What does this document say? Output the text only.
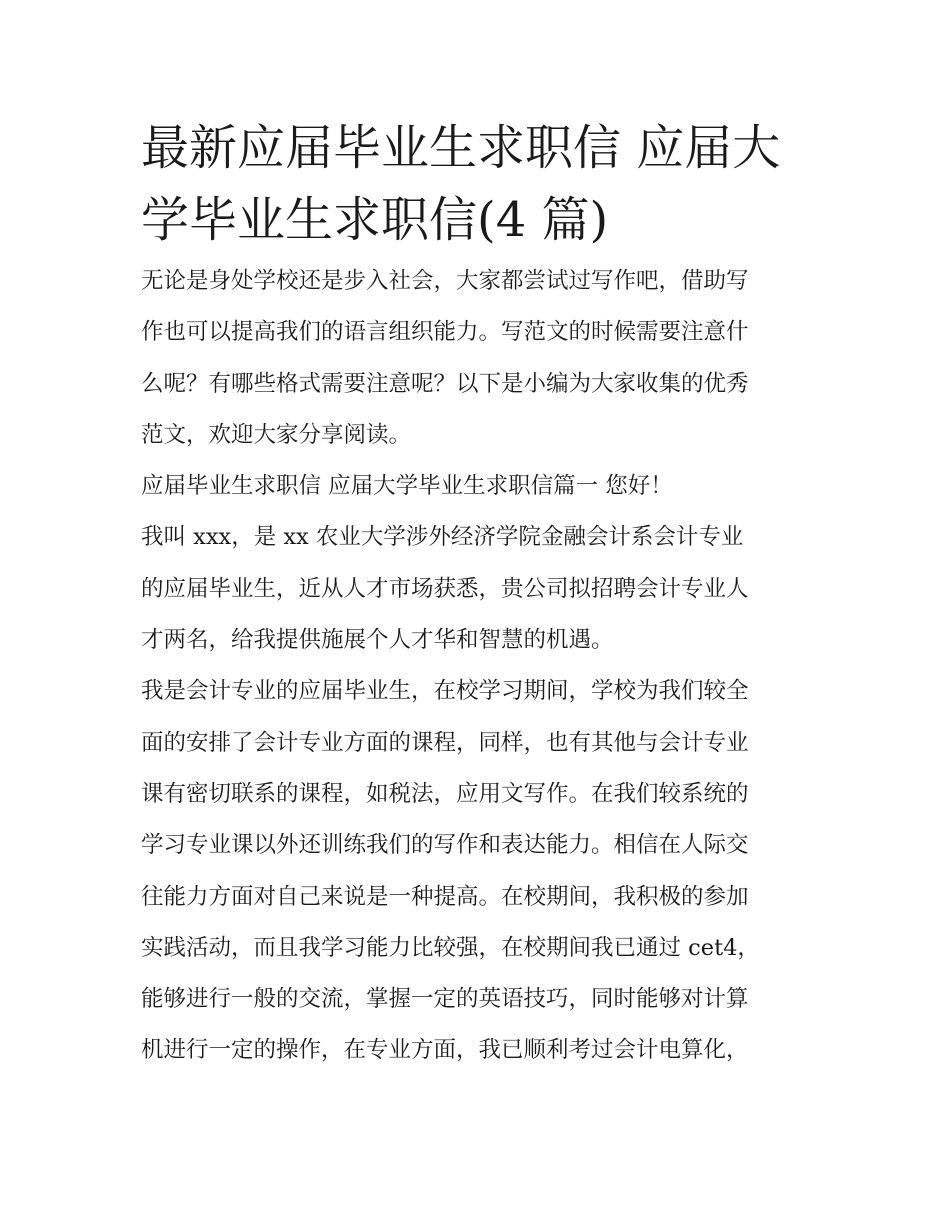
最新应届毕业生求职信 应届大
学毕业生求职信(4 篇)
无论是身处学校还是步入社会，大家都尝试过写作吧，借助写
作也可以提高我们的语言组织能力。写范文的时候需要注意什
么呢？有哪些格式需要注意呢？以下是小编为大家收集的优秀
范文，欢迎大家分享阅读。
应届毕业生求职信 应届大学毕业生求职信篇一 您好！
我叫 xxx，是 xx 农业大学涉外经济学院金融会计系会计专业
的应届毕业生，近从人才市场获悉，贵公司拟招聘会计专业人
才两名，给我提供施展个人才华和智慧的机遇。
我是会计专业的应届毕业生，在校学习期间，学校为我们较全
面的安排了会计专业方面的课程，同样，也有其他与会计专业
课有密切联系的课程，如税法，应用文写作。在我们较系统的
学习专业课以外还训练我们的写作和表达能力。相信在人际交
往能力方面对自己来说是一种提高。在校期间，我积极的参加
实践活动，而且我学习能力比较强，在校期间我已通过 cet4，
能够进行一般的交流，掌握一定的英语技巧，同时能够对计算
机进行一定的操作，在专业方面，我已顺利考过会计电算化，
